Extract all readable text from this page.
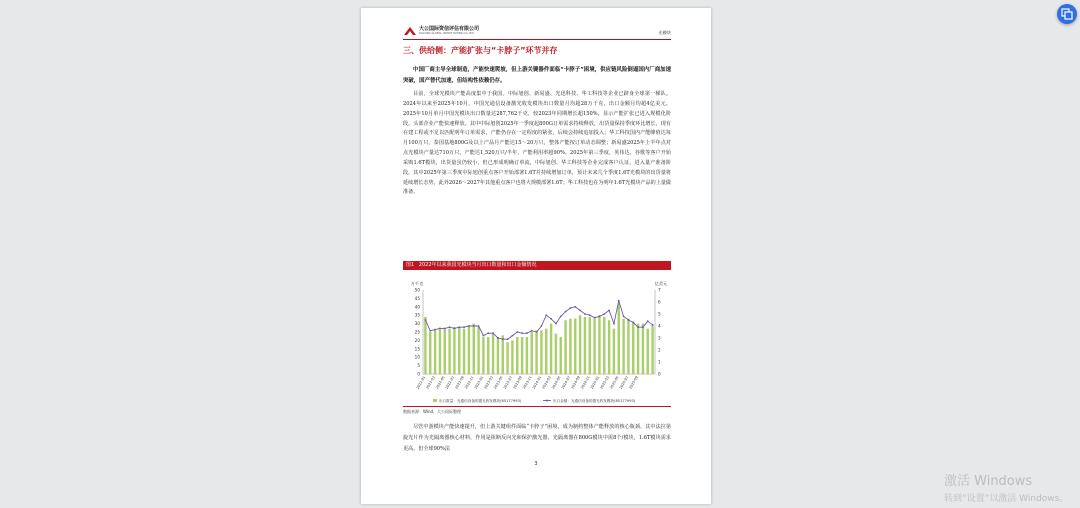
大公国际资信评估有限公司
DAGONG GLOBAL CREDIT RATING CO.,LTD.	光模块
三、供给侧：产能扩张与“卡脖子”环节并存
中国厂商主导全球制造，产能快速爬坡，但上游关键器件面临“卡脖子”困境，供应链风险倒逼国内厂商加速突破，国产替代加速，但结构性依赖仍存。
目前，全球光模块产能高度集中于我国。中际旭创、新易盛、光迅科技、华工科技等企业已跻身全球第一梯队。2024年以来至2025年10月，中国光通信设备激光收发模块出口数量月均超28万千克，出口金额月均超4亿美元。2025年10月单月中国光模块出口数量达287,762千克，较2023年同期增长超150%，显示产能扩张已进入规模化阶段。头部企业产能快速释放。其中中际旭创2025年一季度起800G订单需求持续释放，出货量保持季度环比增长，现有在建工程或不足以匹配明年订单需求，产能仍存在一定程度的紧张，后续会持续追加投入；华工科技国内产能峰值达每月100万只，泰国基地800G及以上产品月产能达15～20万只，整体产能按订单动态调整；新易盛2025年上半年点对点光模块产量达710万只，产能达1,520万只/半年，产能利用率超90%。2025年第三季度，英伟达、谷歌等客户开始采购1.6T模块，出货量虽仍较小，但已形成明确订单流，中际旭创、华工科技等企业完成客户认证，进入量产准备阶段。其中2025年第三季度中际旭创重点客户开始部署1.6T并持续增加订单，预计未来几个季度1.6T光模块的出货量将延续增长态势，此外2026～2027年其他重点客户也将大规模部署1.6T；华工科技也在为明年1.6T光模块产品的上量做准备。
图1 2022年以来我国光模块当月出口数量和出口金额情况
万千克	亿美元
0
5
10
15
20
25
30
35
40
45
50
0
1
2
3
4
5
6
7
2022-01 2022-03 2022-05 2022-07 2022-09 2022-11 2023-01 2023-03 2023-05 2023-07 2023-09 2023-11 2024-01 2024-03 2024-05 2024-07 2024-09 2024-11 2025-01 2025-03 2025-05 2025-07 2025-09
出口数量：光通信设备的激光收发模块(85177993)	出口金额：光通信设备的激光收发模块(85177993)
数据来源：Wind，大公国际整理
尽管中游模块产能快速提升，但上游关键组件面临“卡脖子”困境，成为制约整体产能释放的核心瓶颈。其中法拉第旋光片作为光隔离器核心材料，作用是阻断反向光和保护激光器，光隔离器在800G模块中需8个/模块，1.6T模块需求更高，但全球90%法
3
激活 Windows
转到“设置”以激活 Windows。
